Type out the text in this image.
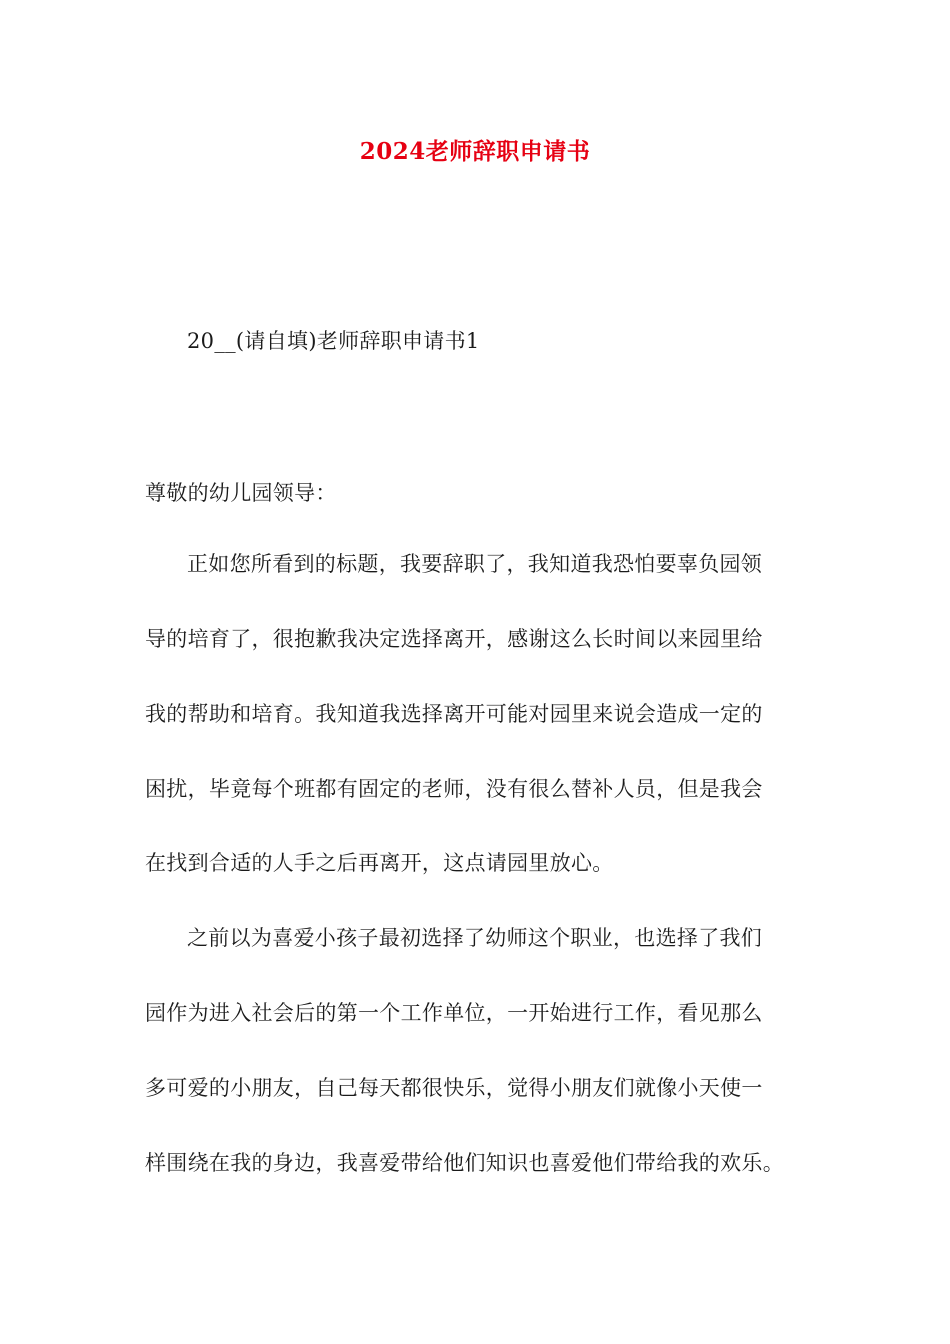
2024老师辞职申请书
20__(请自填)老师辞职申请书1
尊敬的幼儿园领导：
正如您所看到的标题，我要辞职了，我知道我恐怕要辜负园领
导的培育了，很抱歉我决定选择离开，感谢这么长时间以来园里给
我的帮助和培育。我知道我选择离开可能对园里来说会造成一定的
困扰，毕竟每个班都有固定的老师，没有很么替补人员，但是我会
在找到合适的人手之后再离开，这点请园里放心。
之前以为喜爱小孩子最初选择了幼师这个职业，也选择了我们
园作为进入社会后的第一个工作单位，一开始进行工作，看见那么
多可爱的小朋友，自己每天都很快乐，觉得小朋友们就像小天使一
样围绕在我的身边，我喜爱带给他们知识也喜爱他们带给我的欢乐。
